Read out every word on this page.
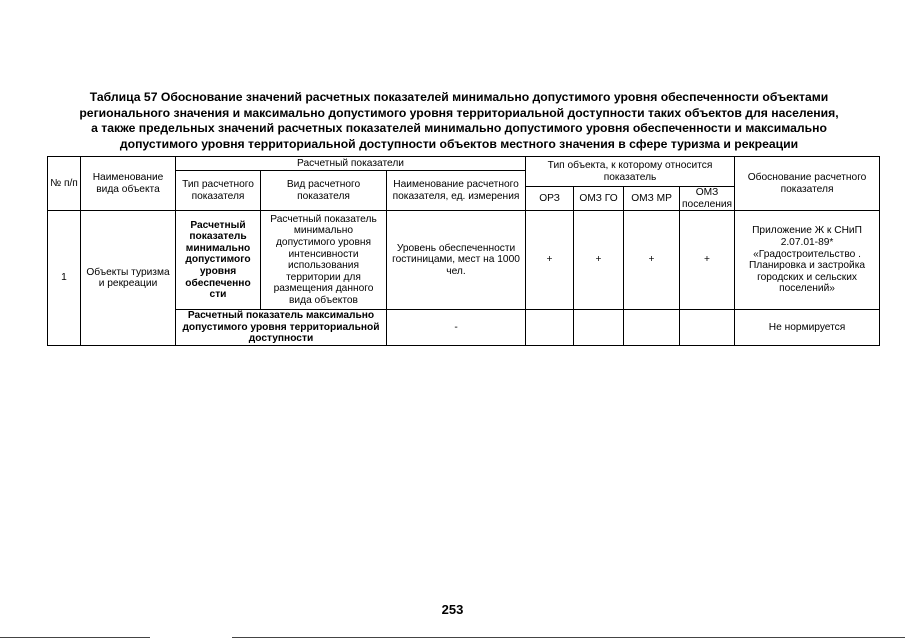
Таблица 57 Обоснование значений расчетных показателей минимально допустимого уровня обеспеченности объектами
регионального значения и максимально допустимого уровня территориальной доступности таких объектов для населения,
а также предельных значений расчетных показателей минимально допустимого уровня обеспеченности и максимально
допустимого уровня территориальной доступности объектов местного значения в сфере туризма и рекреации
№ п/п	Наименование вида объекта	Расчетный показатели			Тип объекта, к которому относится показатель				Обоснование расчетного показателя
		Тип расчетного показателя	Вид расчетного показателя	Наименование расчетного показателя, ед. измерения					
					ОРЗ	ОМЗ ГО	ОМЗ МР	ОМЗ поселения	
1	Объекты туризма и рекреации	Расчетный показатель минимально допустимого уровня обеспеченно сти	Расчетный показатель минимально допустимого уровня интенсивности использования территории для размещения данного вида объектов	Уровень обеспеченности гостиницами, мест на 1000 чел.	+	+	+	+	Приложение Ж к СНиП 2.07.01-89* «Градостроительство . Планировка и застройка городских и сельских поселений»
		Расчетный показатель максимально допустимого уровня территориальной доступности		-					Не нормируется
253
